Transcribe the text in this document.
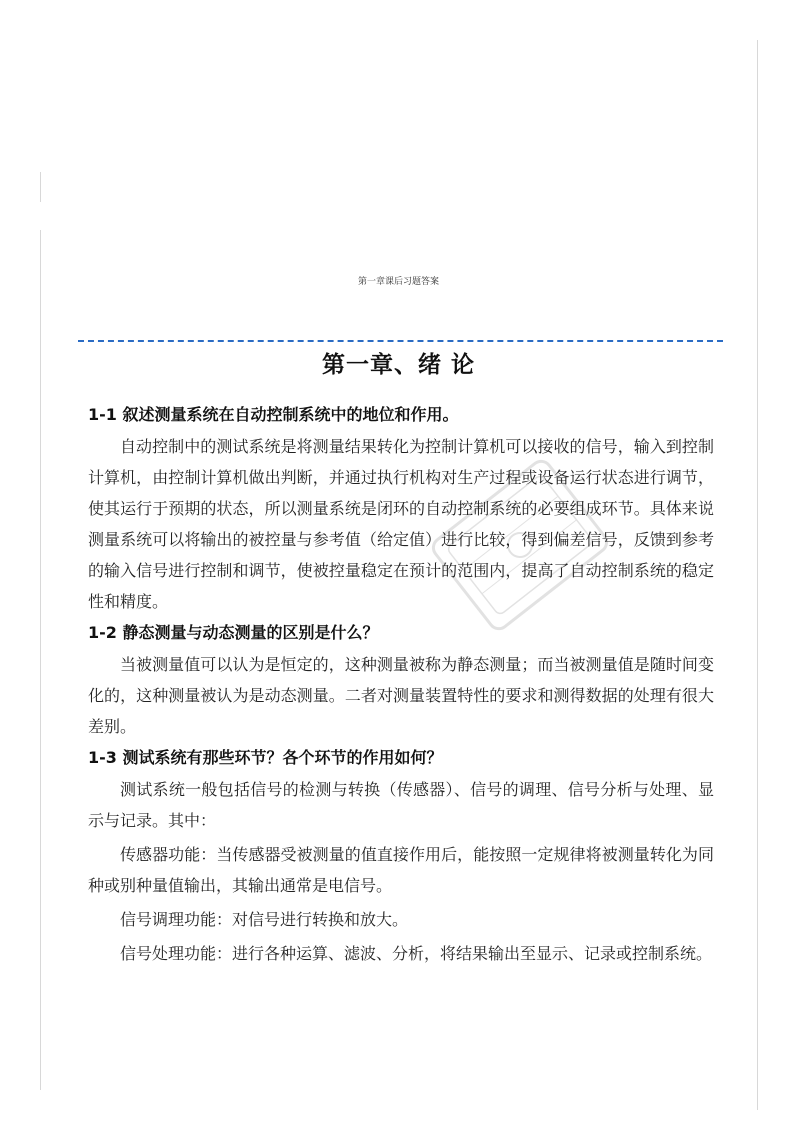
第一章课后习题答案
第一章、绪 论

1-1 叙述测量系统在自动控制系统中的地位和作用。

自动控制中的测试系统是将测量结果转化为控制计算机可以接收的信号，输入到控制计算机，由控制计算机做出判断，并通过执行机构对生产过程或设备运行状态进行调节，使其运行于预期的状态，所以测量系统是闭环的自动控制系统的必要组成环节。具体来说测量系统可以将输出的被控量与参考值（给定值）进行比较，得到偏差信号，反馈到参考的输入信号进行控制和调节，使被控量稳定在预计的范围内，提高了自动控制系统的稳定性和精度。

1-2 静态测量与动态测量的区别是什么？

当被测量值可以认为是恒定的，这种测量被称为静态测量；而当被测量值是随时间变化的，这种测量被认为是动态测量。二者对测量装置特性的要求和测得数据的处理有很大差别。

1-3 测试系统有那些环节？各个环节的作用如何？

测试系统一般包括信号的检测与转换（传感器）、信号的调理、信号分析与处理、显示与记录。其中：

传感器功能：当传感器受被测量的值直接作用后，能按照一定规律将被测量转化为同种或别种量值输出，其输出通常是电信号。

信号调理功能：对信号进行转换和放大。

信号处理功能：进行各种运算、滤波、分析，将结果输出至显示、记录或控制系统。
